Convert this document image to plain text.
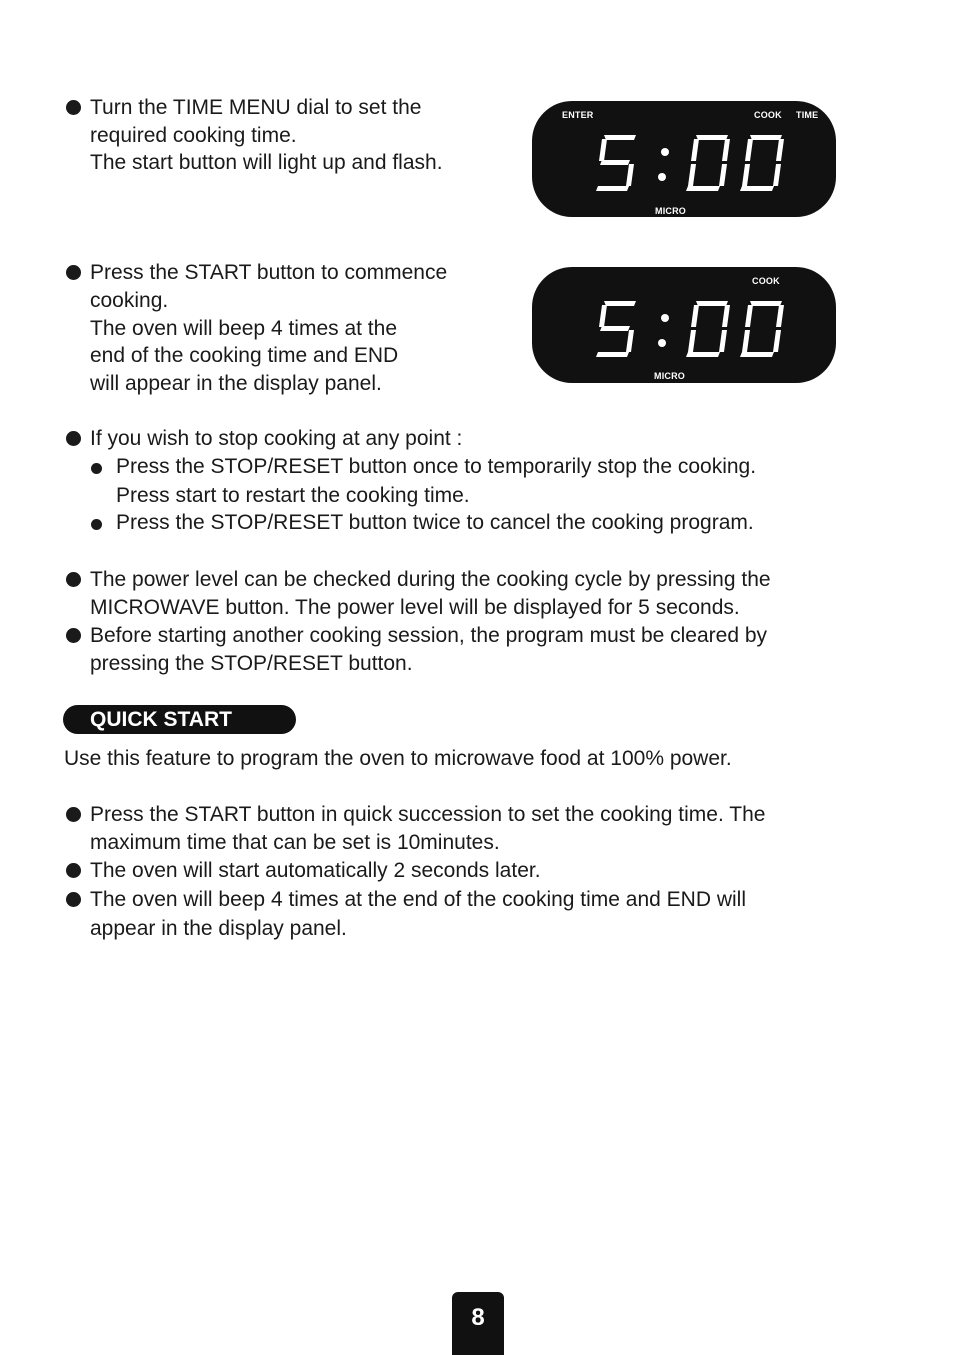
Turn the TIME MENU dial to set the
required cooking time.
The start button will light up and flash.
ENTER	COOK TIME
MICRO
Press the START button to commence
cooking.
The oven will beep 4 times at the
end of the cooking time and END
will appear in the display panel.
COOK
MICRO
If you wish to stop cooking at any point :
Press the STOP/RESET button once to temporarily stop the cooking.
Press start to restart the cooking time.
Press the STOP/RESET button twice to cancel the cooking program.
The power level can be checked during the cooking cycle by pressing the
MICROWAVE button. The power level will be displayed for 5 seconds.
Before starting another cooking session, the program must be cleared by
pressing the STOP/RESET button.
QUICK START
Use this feature to program the oven to microwave food at 100% power.
Press the START button in quick succession to set the cooking time. The
maximum time that can be set is 10minutes.
The oven will start automatically 2 seconds later.
The oven will beep 4 times at the end of the cooking time and END will
appear in the display panel.
8
